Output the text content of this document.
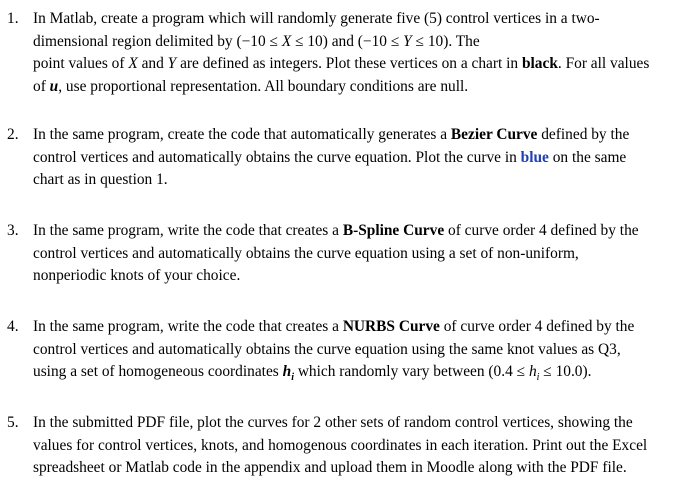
1. In Matlab, create a program which will randomly generate five (5) control vertices in a two-
dimensional region delimited by (−10 ≤ X ≤ 10) and (−10 ≤ Y ≤ 10). The
point values of X and Y are defined as integers. Plot these vertices on a chart in black. For all values
of u, use proportional representation. All boundary conditions are null.
2. In the same program, create the code that automatically generates a Bezier Curve defined by the
control vertices and automatically obtains the curve equation. Plot the curve in blue on the same
chart as in question 1.
3. In the same program, write the code that creates a B-Spline Curve of curve order 4 defined by the
control vertices and automatically obtains the curve equation using a set of non-uniform,
nonperiodic knots of your choice.
4. In the same program, write the code that creates a NURBS Curve of curve order 4 defined by the
control vertices and automatically obtains the curve equation using the same knot values as Q3,
using a set of homogeneous coordinates $h_i$ which randomly vary between $(0.4 \le h_i \le 10.0)$.
5. In the submitted PDF file, plot the curves for 2 other sets of random control vertices, showing the
values for control vertices, knots, and homogenous coordinates in each iteration. Print out the Excel
spreadsheet or Matlab code in the appendix and upload them in Moodle along with the PDF file.
